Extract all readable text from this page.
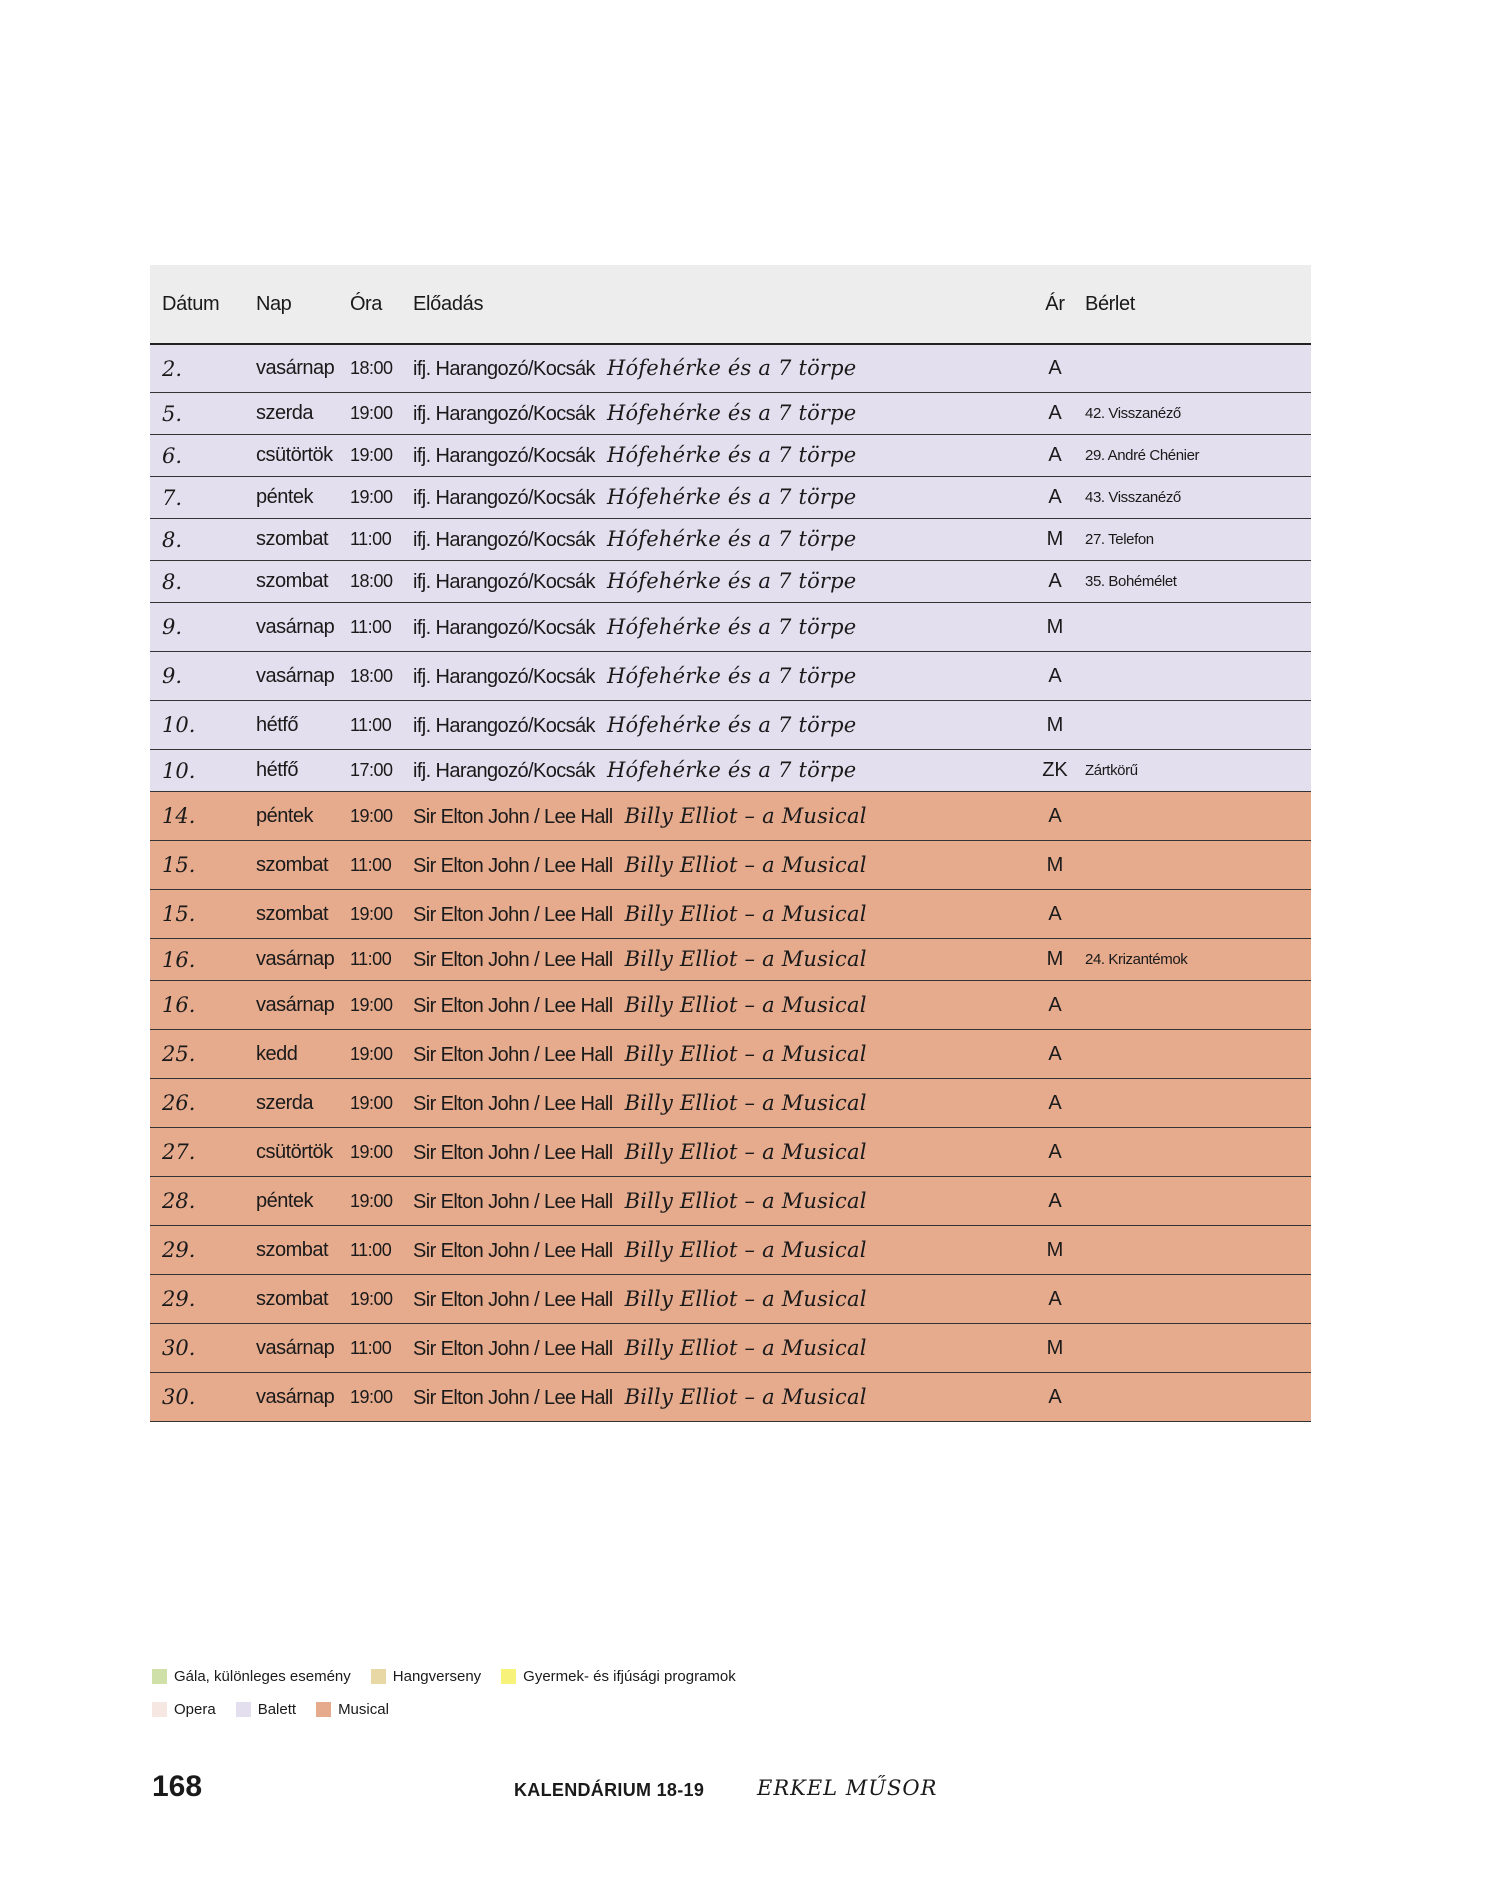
Dátum Nap	Óra Előadás	Ár	Bérlet
2.	vasárnap 18:00 ifj. Harangozó/Kocsák Hófehérke és a 7 törpe	A
5.	szerda 19:00 ifj. Harangozó/Kocsák Hófehérke és a 7 törpe	A	42. Visszanéző
6.	csütörtök 19:00 ifj. Harangozó/Kocsák Hófehérke és a 7 törpe	A	29. André Chénier
7.	péntek 19:00 ifj. Harangozó/Kocsák Hófehérke és a 7 törpe	A	43. Visszanéző
8.	szombat 11:00 ifj. Harangozó/Kocsák Hófehérke és a 7 törpe	M	27. Telefon
8.	szombat 18:00 ifj. Harangozó/Kocsák Hófehérke és a 7 törpe	A	35. Bohémélet
9.	vasárnap 11:00 ifj. Harangozó/Kocsák Hófehérke és a 7 törpe	M
9.	vasárnap 18:00 ifj. Harangozó/Kocsák Hófehérke és a 7 törpe	A
10.	hétfő	11:00 ifj. Harangozó/Kocsák Hófehérke és a 7 törpe	M
10.	hétfő	17:00 ifj. Harangozó/Kocsák Hófehérke és a 7 törpe	ZK	Zártkörű
14.	péntek 19:00 Sir Elton John / Lee Hall Billy Elliot – a Musical	A
15.	szombat 11:00 Sir Elton John / Lee Hall Billy Elliot – a Musical	M
15.	szombat 19:00 Sir Elton John / Lee Hall Billy Elliot – a Musical	A
16.	vasárnap 11:00 Sir Elton John / Lee Hall Billy Elliot – a Musical	M	24. Krizantémok
16.	vasárnap 19:00 Sir Elton John / Lee Hall Billy Elliot – a Musical	A
25.	kedd	19:00 Sir Elton John / Lee Hall Billy Elliot – a Musical	A
26.	szerda 19:00 Sir Elton John / Lee Hall Billy Elliot – a Musical	A
27.	csütörtök 19:00 Sir Elton John / Lee Hall Billy Elliot – a Musical	A
28.	péntek 19:00 Sir Elton John / Lee Hall Billy Elliot – a Musical	A
29.	szombat 11:00 Sir Elton John / Lee Hall Billy Elliot – a Musical	M
29.	szombat 19:00 Sir Elton John / Lee Hall Billy Elliot – a Musical	A
30.	vasárnap 11:00 Sir Elton John / Lee Hall Billy Elliot – a Musical	M
30.	vasárnap 19:00 Sir Elton John / Lee Hall Billy Elliot – a Musical	A
Gála, különleges esemény	Hangverseny	Gyermek- és ifjúsági programok
Opera	Balett	Musical
168	KALENDÁRIUM 18-19	ERKEL MŰSOR
